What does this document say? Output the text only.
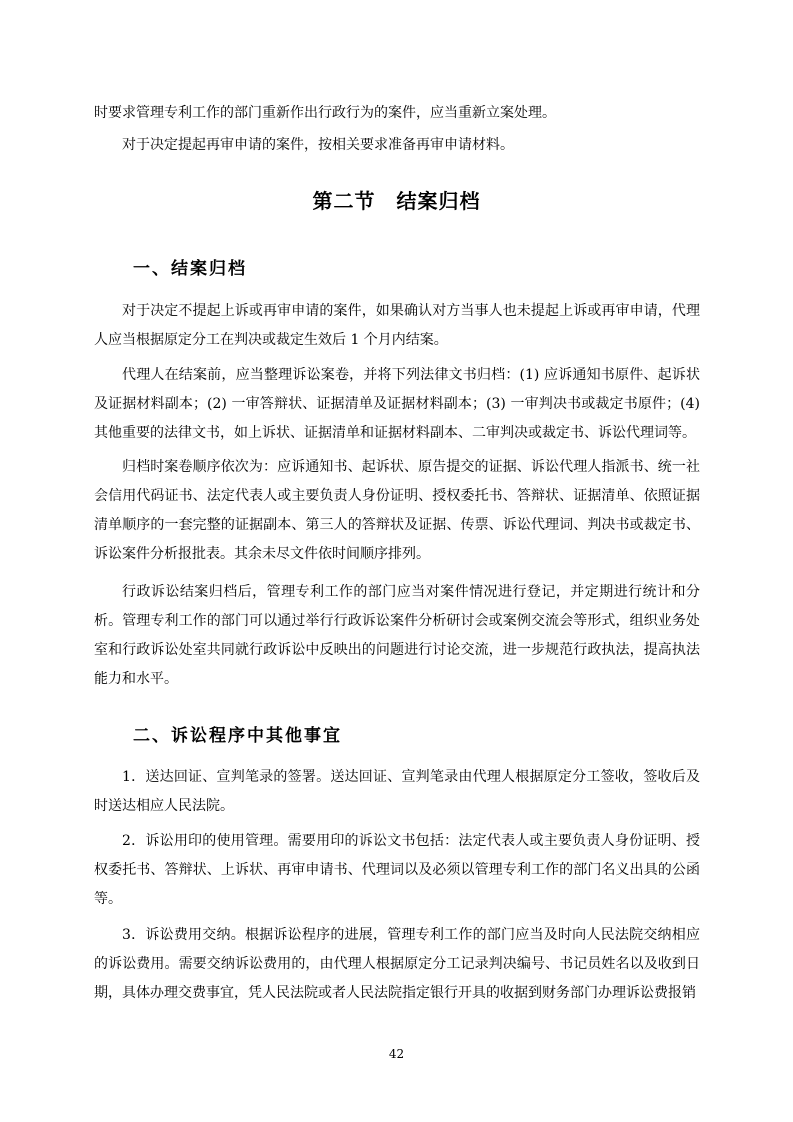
时要求管理专利工作的部门重新作出行政行为的案件，应当重新立案处理。

对于决定提起再审申请的案件，按相关要求准备再审申请材料。

第二节　结案归档
一、结案归档

对于决定不提起上诉或再审申请的案件，如果确认对方当事人也未提起上诉或再审申请，代理人应当根据原定分工在判决或裁定生效后 1 个月内结案。

代理人在结案前，应当整理诉讼案卷，并将下列法律文书归档：(1) 应诉通知书原件、起诉状及证据材料副本；(2) 一审答辩状、证据清单及证据材料副本；(3) 一审判决书或裁定书原件；(4) 其他重要的法律文书，如上诉状、证据清单和证据材料副本、二审判决或裁定书、诉讼代理词等。

归档时案卷顺序依次为：应诉通知书、起诉状、原告提交的证据、诉讼代理人指派书、统一社会信用代码证书、法定代表人或主要负责人身份证明、授权委托书、答辩状、证据清单、依照证据清单顺序的一套完整的证据副本、第三人的答辩状及证据、传票、诉讼代理词、判决书或裁定书、诉讼案件分析报批表。其余未尽文件依时间顺序排列。

行政诉讼结案归档后，管理专利工作的部门应当对案件情况进行登记，并定期进行统计和分析。管理专利工作的部门可以通过举行行政诉讼案件分析研讨会或案例交流会等形式，组织业务处室和行政诉讼处室共同就行政诉讼中反映出的问题进行讨论交流，进一步规范行政执法，提高执法能力和水平。

二、诉讼程序中其他事宜

1．送达回证、宣判笔录的签署。送达回证、宣判笔录由代理人根据原定分工签收，签收后及时送达相应人民法院。

2．诉讼用印的使用管理。需要用印的诉讼文书包括：法定代表人或主要负责人身份证明、授权委托书、答辩状、上诉状、再审申请书、代理词以及必须以管理专利工作的部门名义出具的公函等。

3．诉讼费用交纳。根据诉讼程序的进展，管理专利工作的部门应当及时向人民法院交纳相应的诉讼费用。需要交纳诉讼费用的，由代理人根据原定分工记录判决编号、书记员姓名以及收到日期，具体办理交费事宜，凭人民法院或者人民法院指定银行开具的收据到财务部门办理诉讼费报销

42
